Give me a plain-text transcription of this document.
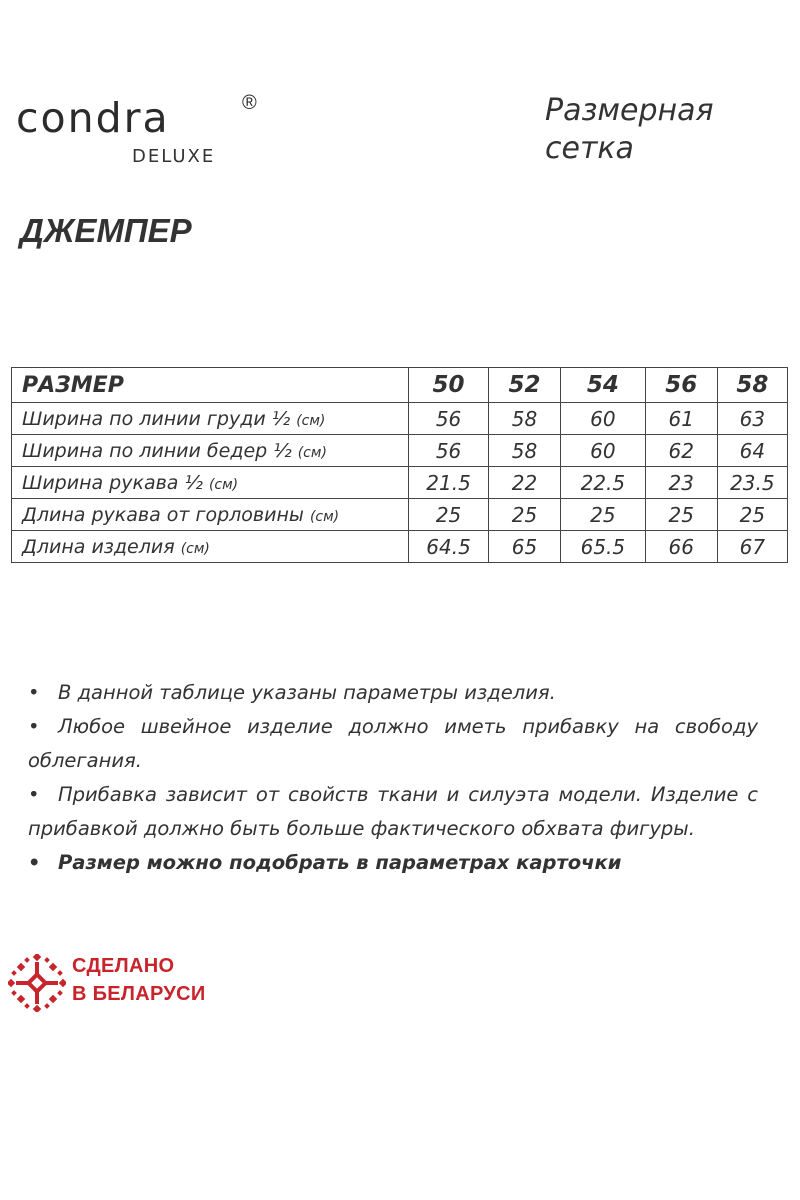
condra	®
DELUXE
Размерная сетка
ДЖЕМПЕР
РАЗМЕР	50	52	54	56	58
Ширина по линии груди ½ (см)	56	58	60	61	63
Ширина по линии бедер ½ (см)	56	58	60	62	64
Ширина рукава ½ (см)	21.5	22	22.5	23	23.5
Длина рукава от горловины (см)	25	25	25	25	25
Длина изделия (см)	64.5	65	65.5	66	67

• В данной таблице указаны параметры изделия.

• Любое швейное изделие должно иметь прибавку на свободу облегания.

• Прибавка зависит от свойств ткани и силуэта модели. Изделие с прибавкой должно быть больше фактического обхвата фигуры.

• Размер можно подобрать в параметрах карточки

СДЕЛАНО
В БЕЛАРУСИ
